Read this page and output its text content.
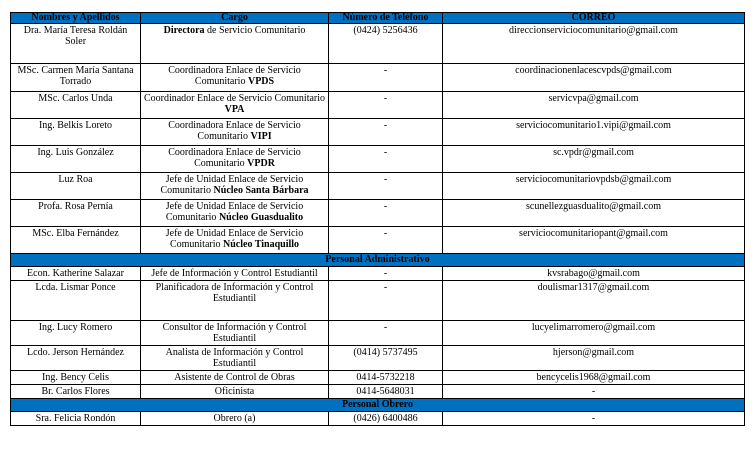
Nombres y Apellidos	Cargo	Número de Teléfono	CORREO
Dra. María Teresa Roldán Soler	Directora de Servicio Comunitario	(0424) 5256436	direccionserviciocomunitario@gmail.com
MSc. Carmen María Santana Torrado	Coordinadora Enlace de Servicio Comunitario VPDS	-	coordinacionenlacescvpds@gmail.com
MSc. Carlos Unda	Coordinador Enlace de Servicio Comunitario VPA	-	servicvpa@gmail.com
Ing. Belkis Loreto	Coordinadora Enlace de Servicio Comunitario VIPI	-	serviciocomunitario1.vipi@gmail.com
Ing. Luis González	Coordinadora Enlace de Servicio Comunitario VPDR	-	sc.vpdr@gmail.com
Luz Roa	Jefe de Unidad Enlace de Servicio Comunitario Núcleo Santa Bárbara	-	serviciocomunitariovpdsb@gmail.com
Profa. Rosa Pernía	Jefe de Unidad Enlace de Servicio Comunitario Núcleo Guasdualito	-	scunellezguasdualito@gmail.com
MSc. Elba Fernández	Jefe de Unidad Enlace de Servicio Comunitario Núcleo Tinaquillo	-	serviciocomunitariopant@gmail.com
Personal Administrativo			
Econ. Katherine Salazar	Jefe de Información y Control Estudiantil	-	kvsrabago@gmail.com
Lcda. Lismar Ponce	Planificadora de Información y Control Estudiantil	-	doulismar1317@gmail.com
Ing. Lucy Romero	Consultor de Información y Control Estudiantil	-	lucyelimarromero@gmail.com
Lcdo. Jerson Hernández	Analista de Información y Control Estudiantil	(0414) 5737495	hjerson@gmail.com
Ing. Bency Celis	Asistente de Control de Obras	0414-5732218	bencycelis1968@gmail.com
Br. Carlos Flores	Oficinista	0414-5648031	-
Personal Obrero			
Sra. Felicia Rondón	Obrero (a)	(0426) 6400486	-
